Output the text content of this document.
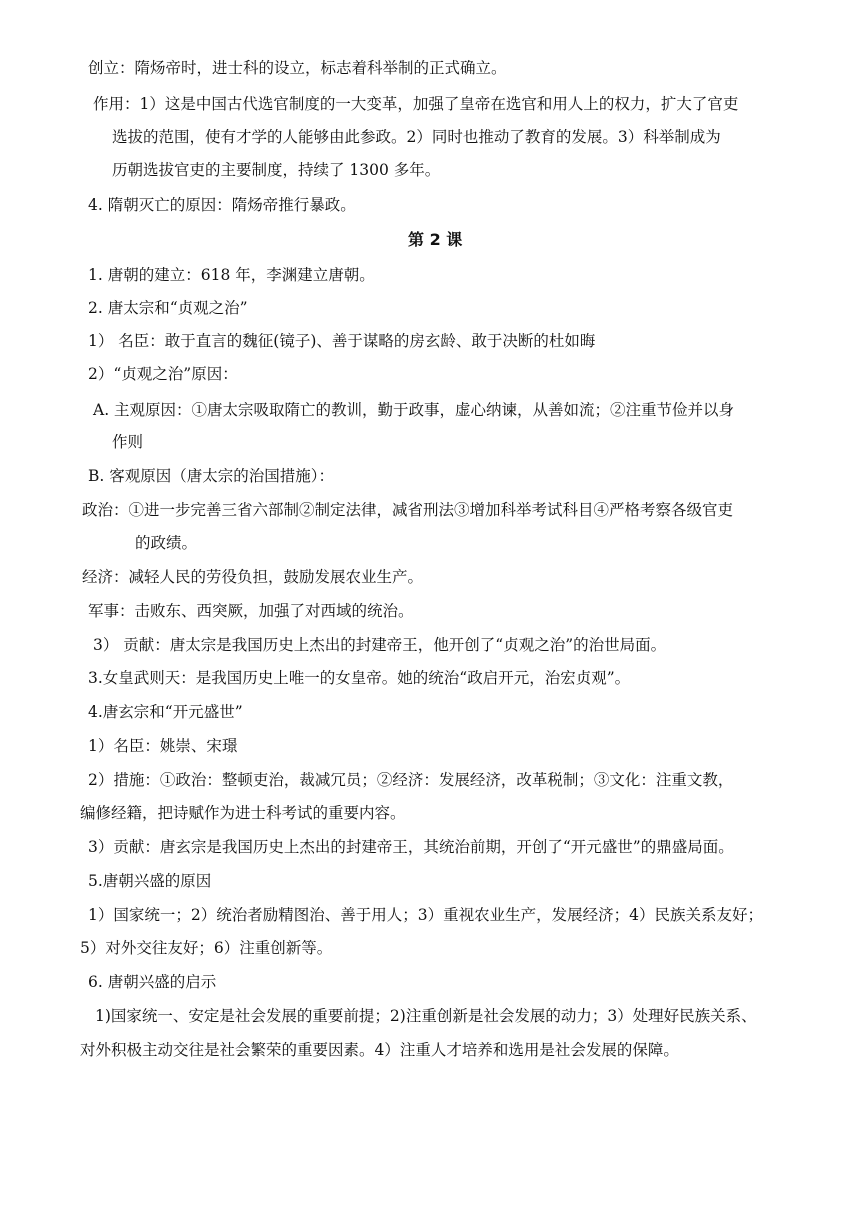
创立：隋炀帝时，进士科的设立，标志着科举制的正式确立。

作用：1）这是中国古代选官制度的一大变革，加强了皇帝在选官和用人上的权力，扩大了官吏

选拔的范围，使有才学的人能够由此参政。2）同时也推动了教育的发展。3）科举制成为

历朝选拔官吏的主要制度，持续了 1300 多年。

4. 隋朝灭亡的原因：隋炀帝推行暴政。

第 2 课

1. 唐朝的建立：618 年，李渊建立唐朝。

2. 唐太宗和“贞观之治”

1） 名臣：敢于直言的魏征(镜子)、善于谋略的房玄龄、敢于决断的杜如晦

2）“贞观之治”原因：

A. 主观原因：①唐太宗吸取隋亡的教训，勤于政事，虚心纳谏，从善如流；②注重节俭并以身

作则

B. 客观原因（唐太宗的治国措施）：

政治：①进一步完善三省六部制②制定法律，减省刑法③增加科举考试科目④严格考察各级官吏

的政绩。

经济：减轻人民的劳役负担，鼓励发展农业生产。

军事：击败东、西突厥，加强了对西域的统治。

3） 贡献：唐太宗是我国历史上杰出的封建帝王，他开创了“贞观之治”的治世局面。

3.女皇武则天：是我国历史上唯一的女皇帝。她的统治“政启开元，治宏贞观”。

4.唐玄宗和“开元盛世”

1）名臣：姚崇、宋璟

2）措施：①政治：整顿吏治，裁减冗员；②经济：发展经济，改革税制；③文化：注重文教，

编修经籍，把诗赋作为进士科考试的重要内容。

3）贡献：唐玄宗是我国历史上杰出的封建帝王，其统治前期，开创了“开元盛世”的鼎盛局面。

5.唐朝兴盛的原因

1）国家统一；2）统治者励精图治、善于用人；3）重视农业生产，发展经济；4）民族关系友好；

5）对外交往友好；6）注重创新等。

6. 唐朝兴盛的启示

1)国家统一、安定是社会发展的重要前提；2)注重创新是社会发展的动力；3）处理好民族关系、

对外积极主动交往是社会繁荣的重要因素。4）注重人才培养和选用是社会发展的保障。
